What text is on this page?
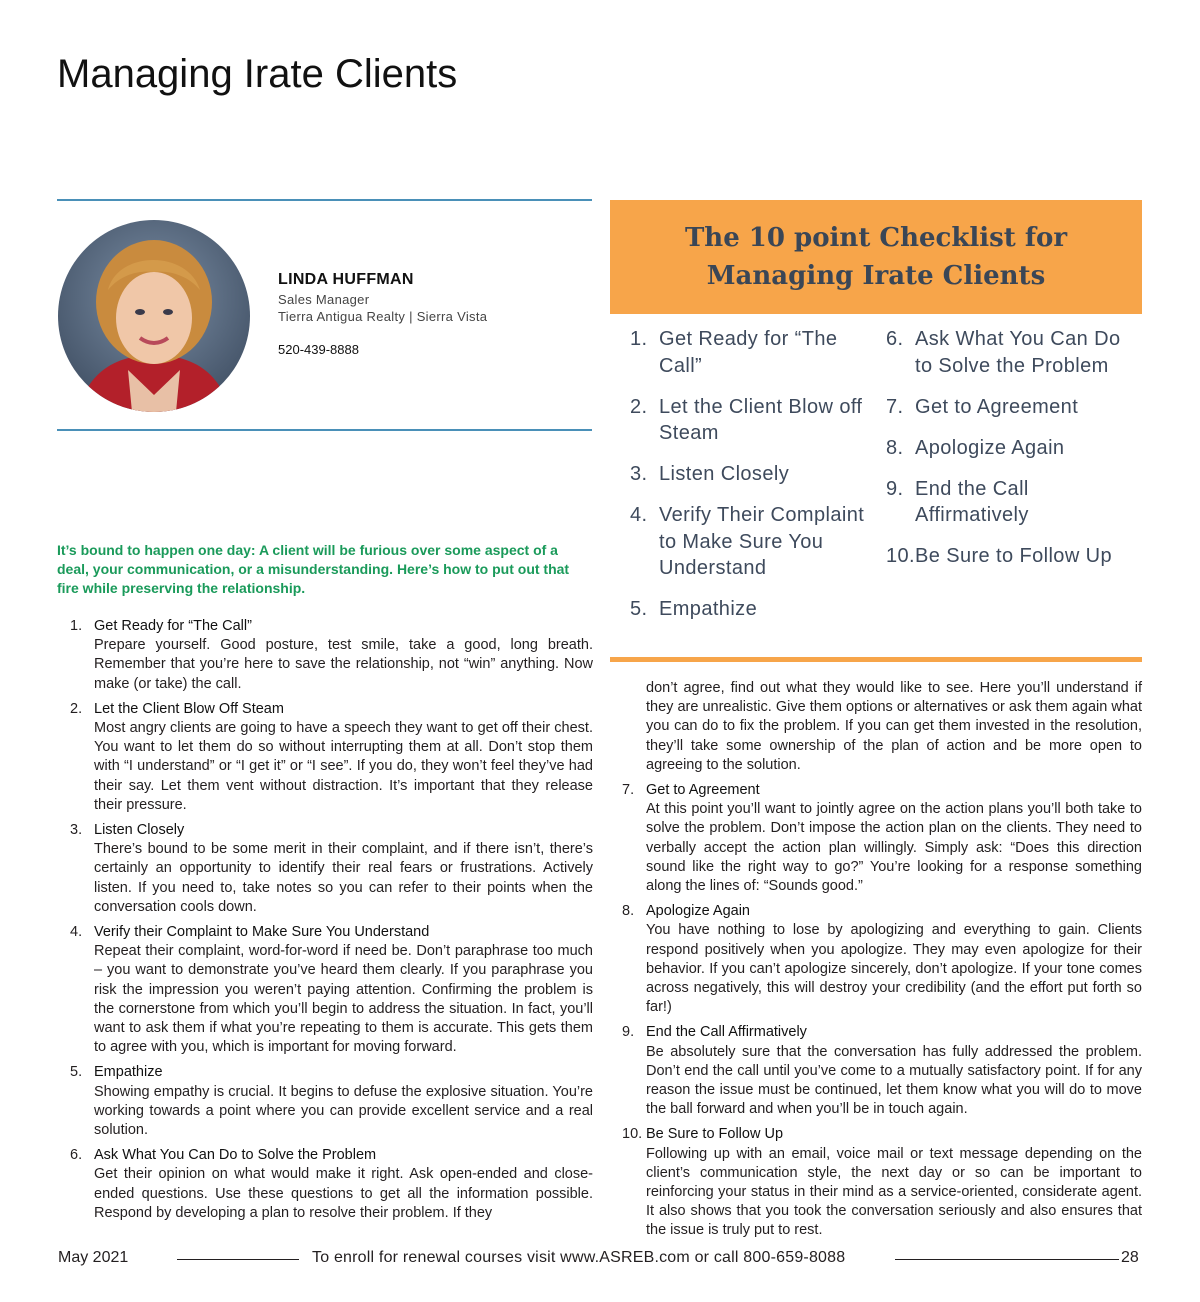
Managing Irate Clients
LINDA HUFFMAN
Sales Manager
Tierra Antigua Realty | Sierra Vista
520-439-8888
It’s bound to happen one day: A client will be furious over some aspect of a deal, your communication, or a misunderstanding. Here’s how to put out that fire while preserving the relationship.
The 10 point Checklist for
Managing Irate Clients
1. Get Ready for “The Call”
2. Let the Client Blow off Steam
3. Listen Closely
4. Verify Their Complaint to Make Sure You Understand
5. Empathize
6. Ask What You Can Do to Solve the Problem
7. Get to Agreement
8. Apologize Again
9. End the Call Affirmatively
10. Be Sure to Follow Up
1. Get Ready for “The Call”
Prepare yourself. Good posture, test smile, take a good, long breath. Remember that you’re here to save the relationship, not “win” anything. Now make (or take) the call.
2. Let the Client Blow Off Steam
Most angry clients are going to have a speech they want to get off their chest. You want to let them do so without interrupting them at all. Don’t stop them with “I understand” or “I get it” or “I see”. If you do, they won’t feel they’ve had their say. Let them vent without distraction. It’s important that they release their pressure.
3. Listen Closely
There’s bound to be some merit in their complaint, and if there isn’t, there’s certainly an opportunity to identify their real fears or frustrations. Actively listen. If you need to, take notes so you can refer to their points when the conversation cools down.
4. Verify their Complaint to Make Sure You Understand
Repeat their complaint, word-for-word if need be. Don’t paraphrase too much – you want to demonstrate you’ve heard them clearly. If you paraphrase you risk the impression you weren’t paying attention. Confirming the problem is the cornerstone from which you’ll begin to address the situation. In fact, you’ll want to ask them if what you’re repeating to them is accurate. This gets them to agree with you, which is important for moving forward.
5. Empathize
Showing empathy is crucial. It begins to defuse the explosive situation. You’re working towards a point where you can provide excellent service and a real solution.
6. Ask What You Can Do to Solve the Problem
Get their opinion on what would make it right. Ask open-ended and close-ended questions. Use these questions to get all the information possible. Respond by developing a plan to resolve their problem. If they
don’t agree, find out what they would like to see. Here you’ll understand if they are unrealistic. Give them options or alternatives or ask them again what you can do to fix the problem. If you can get them invested in the resolution, they’ll take some ownership of the plan of action and be more open to agreeing to the solution.
7. Get to Agreement
At this point you’ll want to jointly agree on the action plans you’ll both take to solve the problem. Don’t impose the action plan on the clients. They need to verbally accept the action plan willingly. Simply ask: “Does this direction sound like the right way to go?” You’re looking for a response something along the lines of: “Sounds good.”
8. Apologize Again
You have nothing to lose by apologizing and everything to gain. Clients respond positively when you apologize. They may even apologize for their behavior. If you can’t apologize sincerely, don’t apologize. If your tone comes across negatively, this will destroy your credibility (and the effort put forth so far!)
9. End the Call Affirmatively
Be absolutely sure that the conversation has fully addressed the problem. Don’t end the call until you’ve come to a mutually satisfactory point. If for any reason the issue must be continued, let them know what you will do to move the ball forward and when you’ll be in touch again.
10. Be Sure to Follow Up
Following up with an email, voice mail or text message depending on the client’s communication style, the next day or so can be important to reinforcing your status in their mind as a service-oriented, considerate agent. It also shows that you took the conversation seriously and also ensures that the issue is truly put to rest.
May 2021	To enroll for renewal courses visit www.ASREB.com or call 800-659-8088	28
